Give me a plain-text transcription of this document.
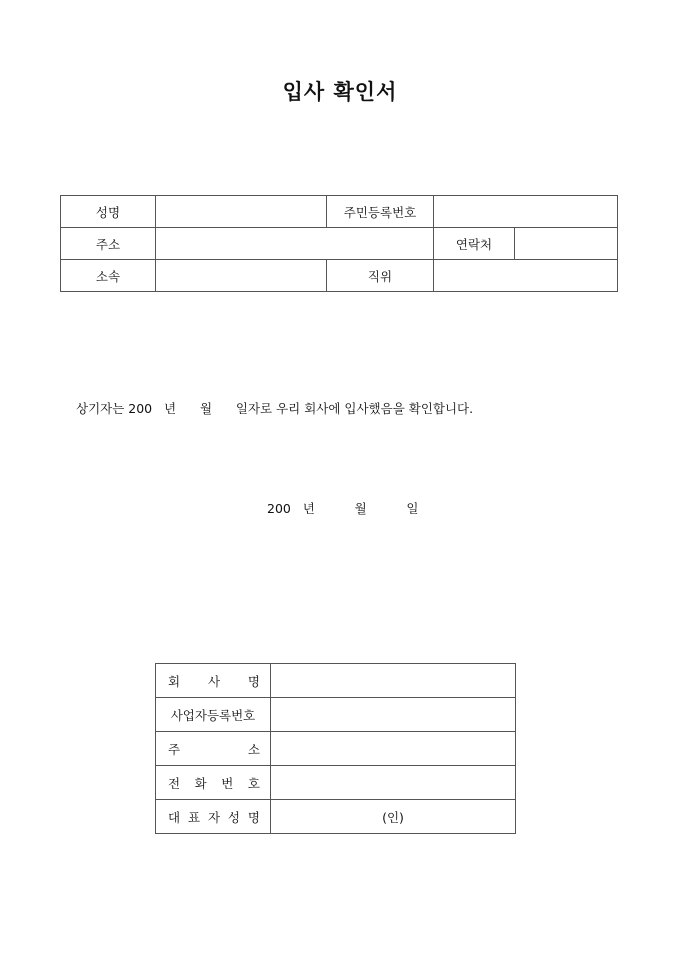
입사 확인서
성명		주민등록번호		
주소			연락처	
소속		직위		
상기자는 200   년      월      일자로 우리 회사에 입사했음을 확인합니다.
200   년          월          일
회 사 명	

사업자등록번호	

주 소	

전 화 번 호	

대 표 자 성 명	(인)
